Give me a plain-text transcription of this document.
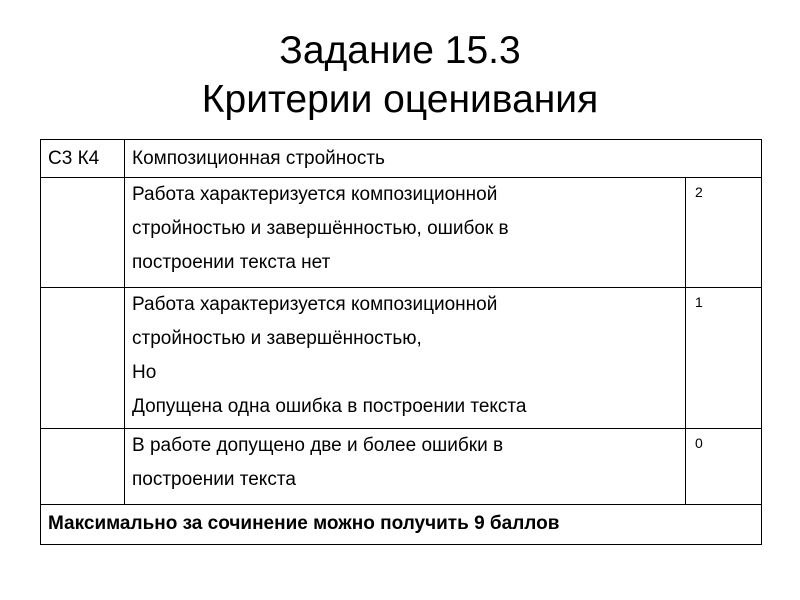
Задание 15.3
Критерии оценивания
С3 К4	Композиционная стройность	

	Работа характеризуется композиционной
стройностью и завершённостью, ошибок в
построении текста нет	2

	Работа характеризуется композиционной
стройностью и завершённостью,
Но
Допущена одна ошибка в построении текста	1

	В работе допущено две и более ошибки в
построении текста	0
Максимально за сочинение можно получить 9 баллов		
